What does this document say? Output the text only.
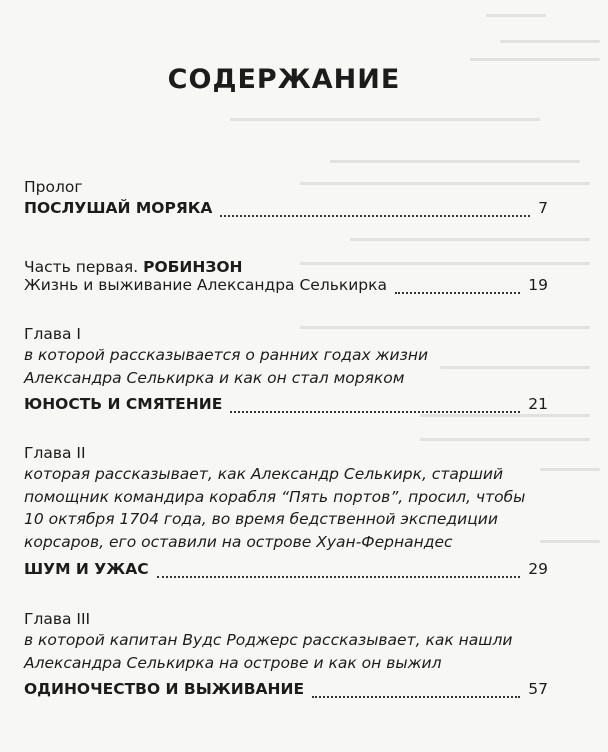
СОДЕРЖАНИЕ
Пролог
ПОСЛУШАЙ МОРЯКА	7
Часть первая. РОБИНЗОН
Жизнь и выживание Александра Селькирка	19
Глава I
в которой рассказывается о ранних годах жизни
Александра Селькирка и как он стал моряком
ЮНОСТЬ И СМЯТЕНИЕ	21
Глава II
которая рассказывает, как Александр Селькирк, старший
помощник командира корабля “Пять портов”, просил, чтобы
10 октября 1704 года, во время бедственной экспедиции
корсаров, его оставили на острове Хуан-Фернандес
ШУМ И УЖАС	29
Глава III
в которой капитан Вудс Роджерс рассказывает, как нашли
Александра Селькирка на острове и как он выжил
ОДИНОЧЕСТВО И ВЫЖИВАНИЕ	57
